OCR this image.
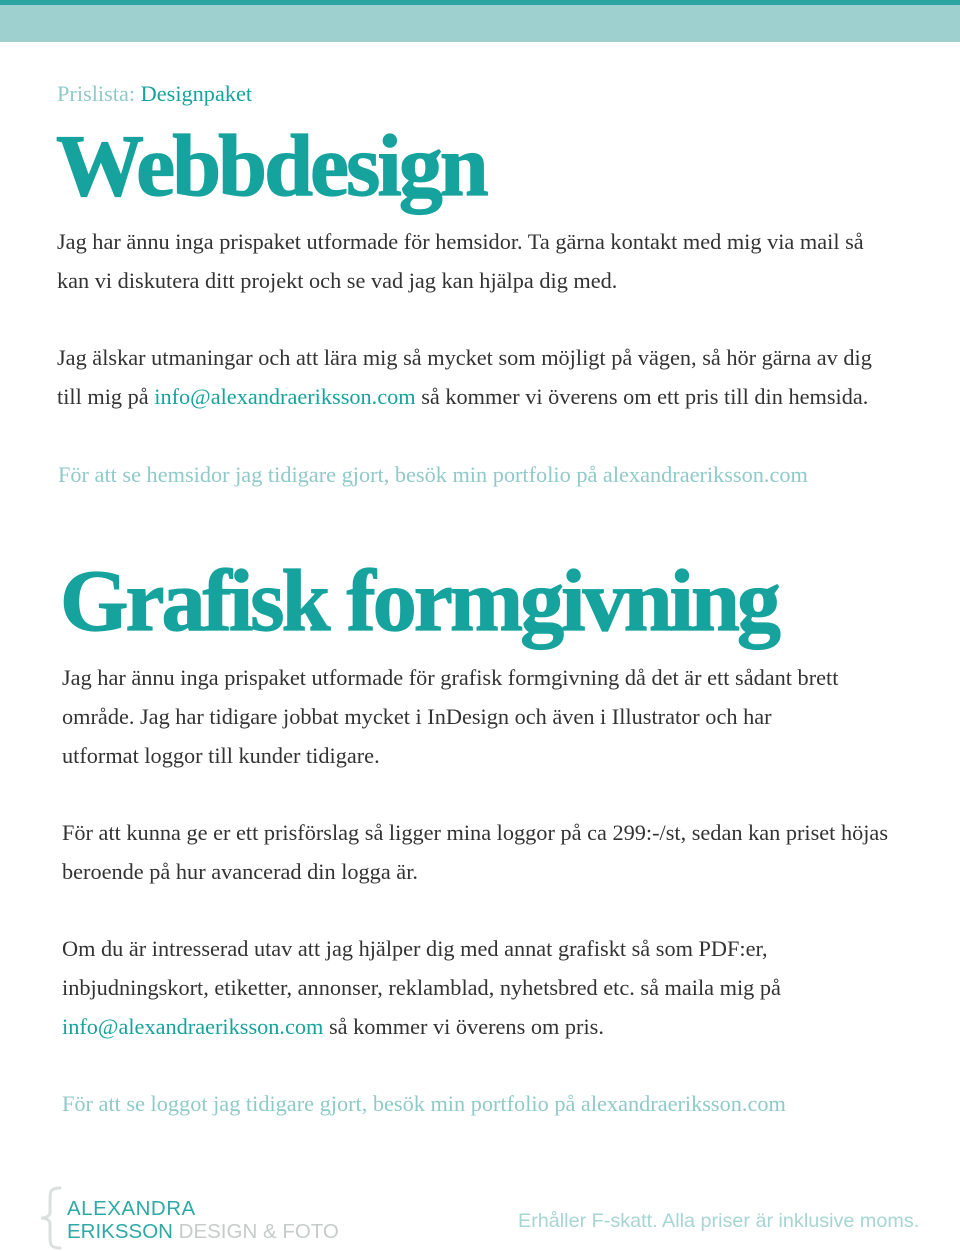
Prislista: Designpaket
Webbdesign
Jag har ännu inga prispaket utformade för hemsidor. Ta gärna kontakt med mig via mail så
kan vi diskutera ditt projekt och se vad jag kan hjälpa dig med.
Jag älskar utmaningar och att lära mig så mycket som möjligt på vägen, så hör gärna av dig
till mig på info@alexandraeriksson.com så kommer vi överens om ett pris till din hemsida.
För att se hemsidor jag tidigare gjort, besök min portfolio på alexandraeriksson.com
Grafisk formgivning
Jag har ännu inga prispaket utformade för grafisk formgivning då det är ett sådant brett
område. Jag har tidigare jobbat mycket i InDesign och även i Illustrator och har
utformat loggor till kunder tidigare.
För att kunna ge er ett prisförslag så ligger mina loggor på ca 299:-/st, sedan kan priset höjas
beroende på hur avancerad din logga är.
Om du är intresserad utav att jag hjälper dig med annat grafiskt så som PDF:er,
inbjudningskort, etiketter, annonser, reklamblad, nyhetsbred etc. så maila mig på
info@alexandraeriksson.com så kommer vi överens om pris.
För att se loggot jag tidigare gjort, besök min portfolio på alexandraeriksson.com
ALEXANDRA
ERIKSSON DESIGN & FOTO	Erhåller F-skatt. Alla priser är inklusive moms.
